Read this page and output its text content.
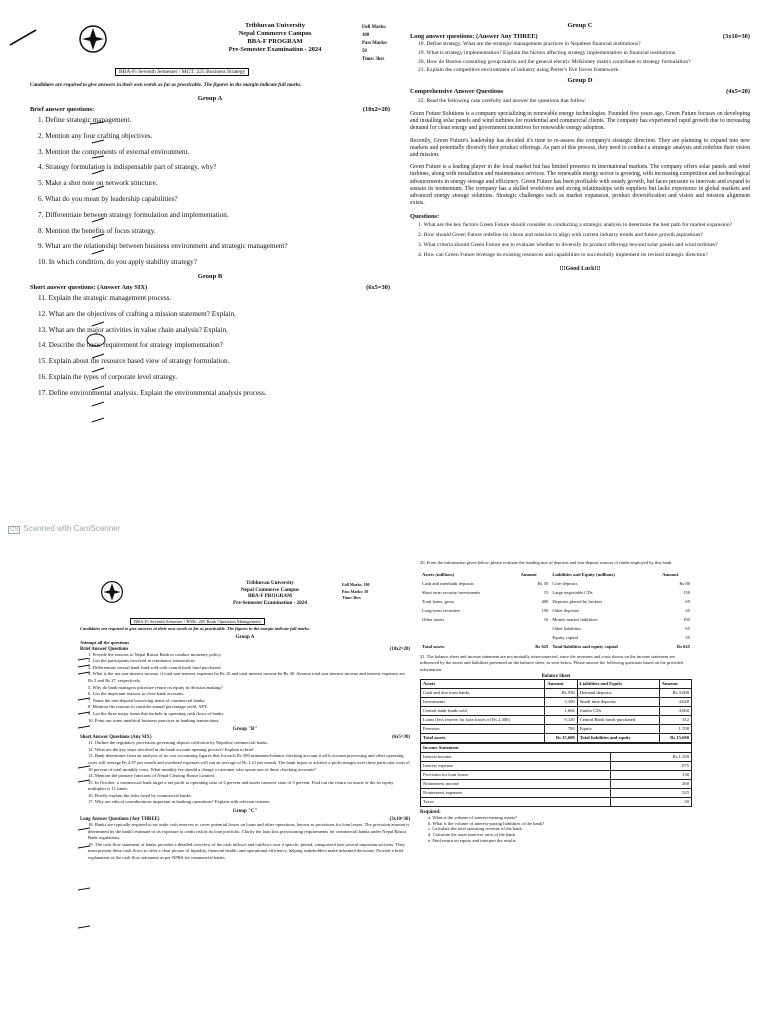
Tribhuvan University
Nepal Commerce Campus
BBA-F PROGRAM
Pre-Semester Examination - 2024
Full Marks: 100
Pass Marks: 50
Time: 3hrs
BBA-Fi Seventh Semester / MGT: 225 Business Strategy
Candidates are required to give answers in their own words as far as practicable. The figures in the margin indicate full marks.
Group A
Brief answer questions:	(10x2=20)
1. Define strategic management.
2. Mention any four crafting objectives.
3. Mention the components of external environment.
4. Strategy formulation is indispensable part of strategy, why?
5. Make a shot note on network structure.
6. What do you mean by leadership capabilities?
7. Differentiate between strategy formulation and implementation.
8. Mention the benefits of focus strategy.
9. What are the relationship between business environment and strategic management?
10. In which condition, do you apply stability strategy?
Group B
Short answer questions: (Answer Any SIX)	(6x5=30)
11. Explain the strategic management process.
12. What are the objectives of crafting a mission statement? Explain.
13. What are the major activities in value chain analysis? Explain.
14. Describe the basic requirement for strategy implementation?
15. Explain about the resource based view of strategy formulation.
16. Explain the types of corporate level strategy.
17. Define environmental analysis. Explain the environmental analysis process.
Group C
Long answer questions: (Answer Any THREE)	(3x10=30)
18. Define strategy. What are the strategic management practices in Nepalese financial institutions?
19. What is strategy implementation? Explain the factors affecting strategy implementation in financial institutions.
20. How do Boston consulting group matrix and the general electric McKinney matrix contribute to strategy formulation?
21. Explain the competitive environment of industry using Porter's five forces framework.
Group D
Comprehensive Answer Questions	(4x5=20)
22. Read the following case carefully and answer the questions that follow:
Green Future Solutions is a company specializing in renewable energy technologies. Founded five years ago, Green Future focuses on developing and installing solar panels and wind turbines for residential and commercial clients. The company has experienced rapid growth due to increasing demand for clean energy and government incentives for renewable energy adoption.
Recently, Green Future's leadership has decided it's time to re-assess the company's strategic direction. They are planning to expand into new markets and potentially diversify their product offerings. As part of this process, they need to conduct a strategic analysis and redefine their vision and mission.
Green Future is a leading player in the local market but has limited presence in international markets. The company offers solar panels and wind turbines, along with installation and maintenance services. The renewable energy sector is growing, with increasing competition and technological advancements in energy storage and efficiency. Green Future has been profitable with steady growth, but faces pressure to innovate and expand to sustain its momentum. The company has a skilled workforce and strong relationships with suppliers but lacks experience in global markets and advanced energy storage solutions. Strategic challenges such as market expansion, product diversification and vision and mission alignment exists.
Questions:
1. What are the key factors Green Future should consider in conducting a strategic analysis to determine the best path for market expansion?
2. How should Green Future redefine its vision and mission to align with current industry trends and future growth aspirations?
3. What criteria should Green Future use to evaluate whether to diversify its product offerings beyond solar panels and wind turbines?
4. How can Green Future leverage its existing resources and capabilities to successfully implement its revised strategic direction?
!!!Good Luck!!!
CS Scanned with CamScanner
Tribhuvan University
Nepal Commerce Campus
BBA-F PROGRAM
Pre-Semester Examination - 2024
Full Marks: 100
Pass Marks: 50
Time: 3hrs
BBA-Fi Seventh Semester / BNK: 205 Bank Operation Management
Candidates are required to give answers in their own words as far as practicable. The figures in the margin indicate full marks.
Group A
Attempt all the questions
Brief Answer Questions	(10x2=20)
1. Provide the reasons to Nepal Rastra Bank to conduct monetary policy.
2. List the participants involved in remittance transactions.
3. Differentiate central bank fund sold with central bank fund purchased.
4. What is the net non-interest income, if total non-interest expenses be Rs 10 and total interest income be Rs 40. Assume total non-interest income and interest expenses are Rs 5 and Rs 27, respectively.
5. Why do bank managers prioritize return on equity in decision making?
6. List the important reasons to close bank accounts.
7. Name the non-deposit borrowing items of commercial banks.
8. Mention the reasons to consider annual percentage yield, APY.
9. List the three major items that include in operating cash flows of banks.
10. Point out some unethical business practices in banking transactions.
Group "B"
Short Answer Questions (Any SIX)	(6x5=30)
11. Outline the regulatory provisions governing deposit collection by Nepalese commercial banks.
12. What are the key steps involved in the bank account opening process? Explain in brief.
13. Bank determines from an analysis of its cost accounting figures that for each Rs 500 minimum-balance checking account it sells account processing and other operating costs will average Rs 4.87 per month and overhead expenses will run an average of Rs 1.21 per month. The bank hopes to achieve a profit margin over these particular costs of 10 percent of total monthly costs. What monthly fee should a charge a customer who opens one of these checking accounts?
14. Mention the primary functions of Nepal Clearing House Limited.
15. In October, a commercial bank target a net profit to operating ratio of 6 percent and assets turnover ratio of 5 percent. Find out the return on assets of the its equity multiplier is 11 times.
16. Briefly explain the risks faced by commercial banks.
17. Why are ethical considerations important in banking operations? Explain with relevant reasons.
Group "C"
Long Answer Questions (Any THREE)	(3x10=30)
18. Banks are typically required to set aside cash reserves to cover potential losses on loans and other operations, known as provisions for loan losses. The provision amount is determined by the bank's estimate of its exposure to credit risk in its loan portfolio. Clarify the loan loss provisioning requirements for commercial banks under Nepal Rastra Bank regulations.
19. The cash flow statement of banks provides a detailed overview of the cash inflows and outflows over a specific period, categorized into several important sections. They must present these cash flows to offer a clear picture of liquidity, financial health, and operational efficiency, helping stakeholders make informed decisions. Provide a brief explanation of the cash flow statement as per NFRS for commercial banks.
20. From the information given below, please evaluate the funding mix of deposits and non-deposit sources of funds employed by this bank.
Assets (millions)	Amount	Liabilities and Equity (millions)	Amount
Cash and interbank deposits	Rs 50	Core deposits	Rs 80
Short term security investments	15	Large negotiable CDs	150
Total loans, gross	400	Deposits placed by brokers	65
Long-term securities	150	Other deposits	45
Other assets	10	Money market liabilities	195
		Other liabilities	65
		Equity capital	55
Total assets	Rs 625	Total liabilities and equity capital	Rs 625
21. The balance sheet and income statement are not mutually interconnected, since the revenues and costs shown on the income statement are influenced by the assets and liabilities presented on the balance sheet, as seen below. Please answer the following questions based on the provided information.
Balance Sheet
Assets	Amount	Liabilities and Equity	Amount
Cash and due from banks	Rs 936	Demand deposits	Rs 3,000
Investments	3,100	Small time deposits	4,620
Central bank funds sold	1,664	Jumbo CDs	4,660
Loans (less reserve for loan losses of Rs 2,400)	9,120	Central Bank funds purchased	312
Premises	780	Equity	1,708
Total assets	Rs 15,600	Total liabilities and equity	Rs 15,600
Income Statement	
Interest income	Rs 1,350
Interest expense	875
Provision for loan losses	130
Noninterest income	260
Noninterest expenses	525
Taxes	50
Required:
a. What is the volume of interest-earning assets?
b. What is the volume of interest-paying liabilities of the bank?
c. Calculate the total operating revenue of the bank.
d. Calculate the asset turnover ratio of the bank.
e. Find return on equity and interpret the results.
